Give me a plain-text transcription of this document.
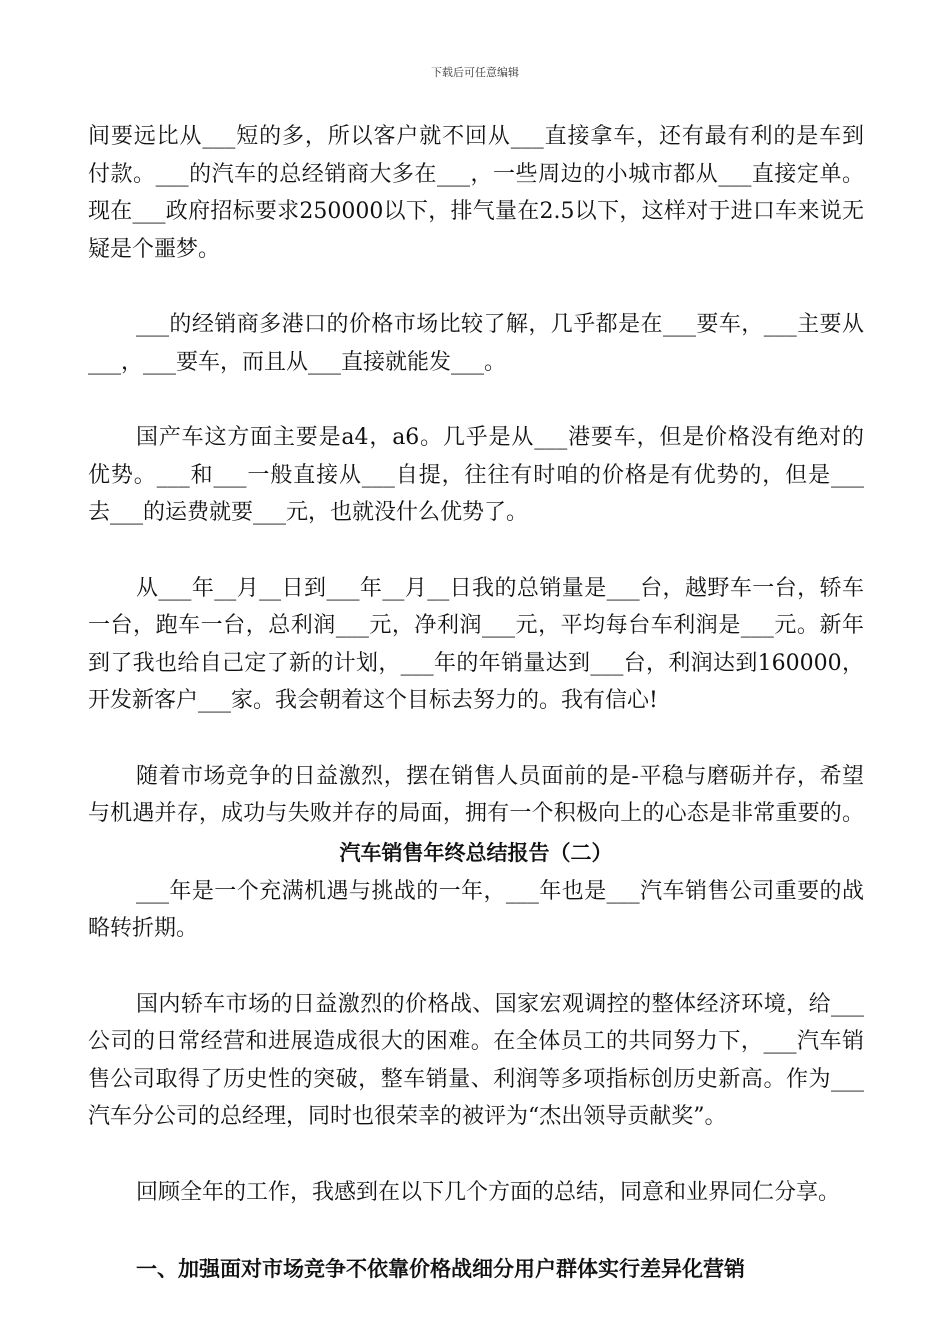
下载后可任意编辑
间要远比从___短的多，所以客户就不回从___直接拿车，还有最有利的是车到
付款。___的汽车的总经销商大多在___，一些周边的小城市都从___直接定单。
现在___政府招标要求250000以下，排气量在2.5以下，这样对于进口车来说无
疑是个噩梦。
___的经销商多港口的价格市场比较了解，几乎都是在___要车，___主要从
___，___要车，而且从___直接就能发___。
国产车这方面主要是a4，a6。几乎是从___港要车，但是价格没有绝对的
优势。___和___一般直接从___自提，往往有时咱的价格是有优势的，但是___
去___的运费就要___元，也就没什么优势了。
从___年__月__日到___年__月__日我的总销量是___台，越野车一台，轿车
一台，跑车一台，总利润___元，净利润___元，平均每台车利润是___元。新年
到了我也给自己定了新的计划，___年的年销量达到___台，利润达到160000，
开发新客户___家。我会朝着这个目标去努力的。我有信心!
随着市场竞争的日益激烈，摆在销售人员面前的是-平稳与磨砺并存，希望
与机遇并存，成功与失败并存的局面，拥有一个积极向上的心态是非常重要的。
汽车销售年终总结报告（二）
___年是一个充满机遇与挑战的一年，___年也是___汽车销售公司重要的战
略转折期。
国内轿车市场的日益激烈的价格战、国家宏观调控的整体经济环境，给___
公司的日常经营和进展造成很大的困难。在全体员工的共同努力下，___汽车销
售公司取得了历史性的突破，整车销量、利润等多项指标创历史新高。作为___
汽车分公司的总经理，同时也很荣幸的被评为“杰出领导贡献奖”。
回顾全年的工作，我感到在以下几个方面的总结，同意和业界同仁分享。
一、加强面对市场竞争不依靠价格战细分用户群体实行差异化营销
